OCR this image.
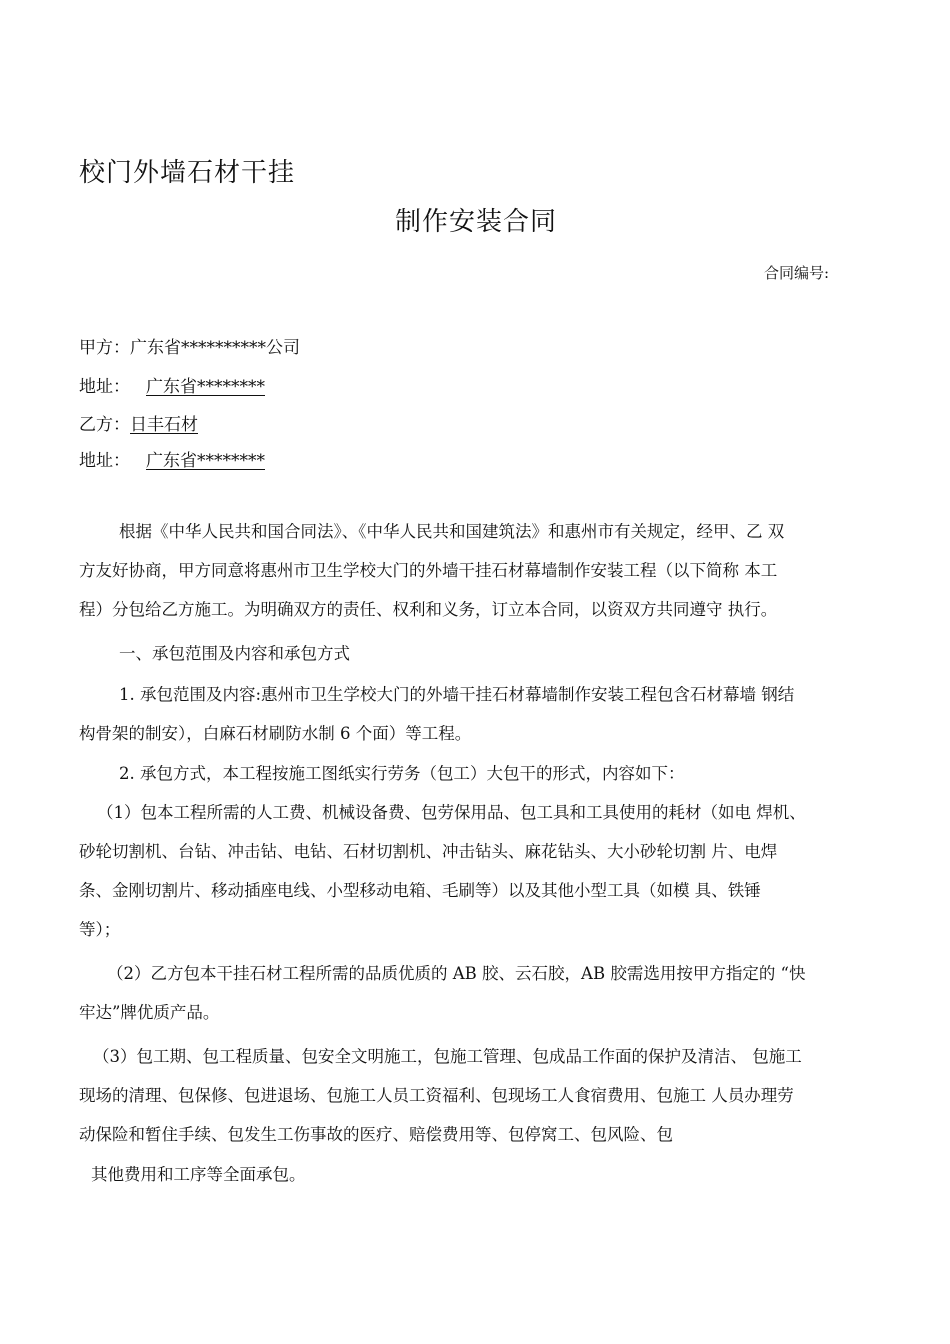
校门外墙石材干挂
制作安装合同
合同编号:
甲方：广东省**********公司
地址： 广东省********
乙方：日丰石材
地址： 广东省********
根据《中华人民共和国合同法》、《中华人民共和国建筑法》和惠州市有关规定，经甲、乙 双
方友好协商，甲方同意将惠州市卫生学校大门的外墙干挂石材幕墙制作安装工程（以下简称 本工
程）分包给乙方施工。为明确双方的责任、权利和义务，订立本合同，以资双方共同遵守 执行。
一、承包范围及内容和承包方式
1. 承包范围及内容:惠州市卫生学校大门的外墙干挂石材幕墙制作安装工程包含石材幕墙 钢结
构骨架的制安），白麻石材刷防水制 6 个面）等工程。
2. 承包方式，本工程按施工图纸实行劳务（包工）大包干的形式，内容如下：
（1）包本工程所需的人工费、机械设备费、包劳保用品、包工具和工具使用的耗材（如电 焊机、
砂轮切割机、台钻、冲击钻、电钻、石材切割机、冲击钻头、麻花钻头、大小砂轮切割 片、电焊
条、金刚切割片、移动插座电线、小型移动电箱、毛刷等）以及其他小型工具（如模 具、铁锤
等）；
（2）乙方包本干挂石材工程所需的品质优质的 AB 胶、云石胶，AB 胶需选用按甲方指定的 “快
牢达”牌优质产品。
（3）包工期、包工程质量、包安全文明施工，包施工管理、包成品工作面的保护及清洁、 包施工
现场的清理、包保修、包进退场、包施工人员工资福利、包现场工人食宿费用、包施工 人员办理劳
动保险和暂住手续、包发生工伤事故的医疗、赔偿费用等、包停窝工、包风险、包
其他费用和工序等全面承包。
